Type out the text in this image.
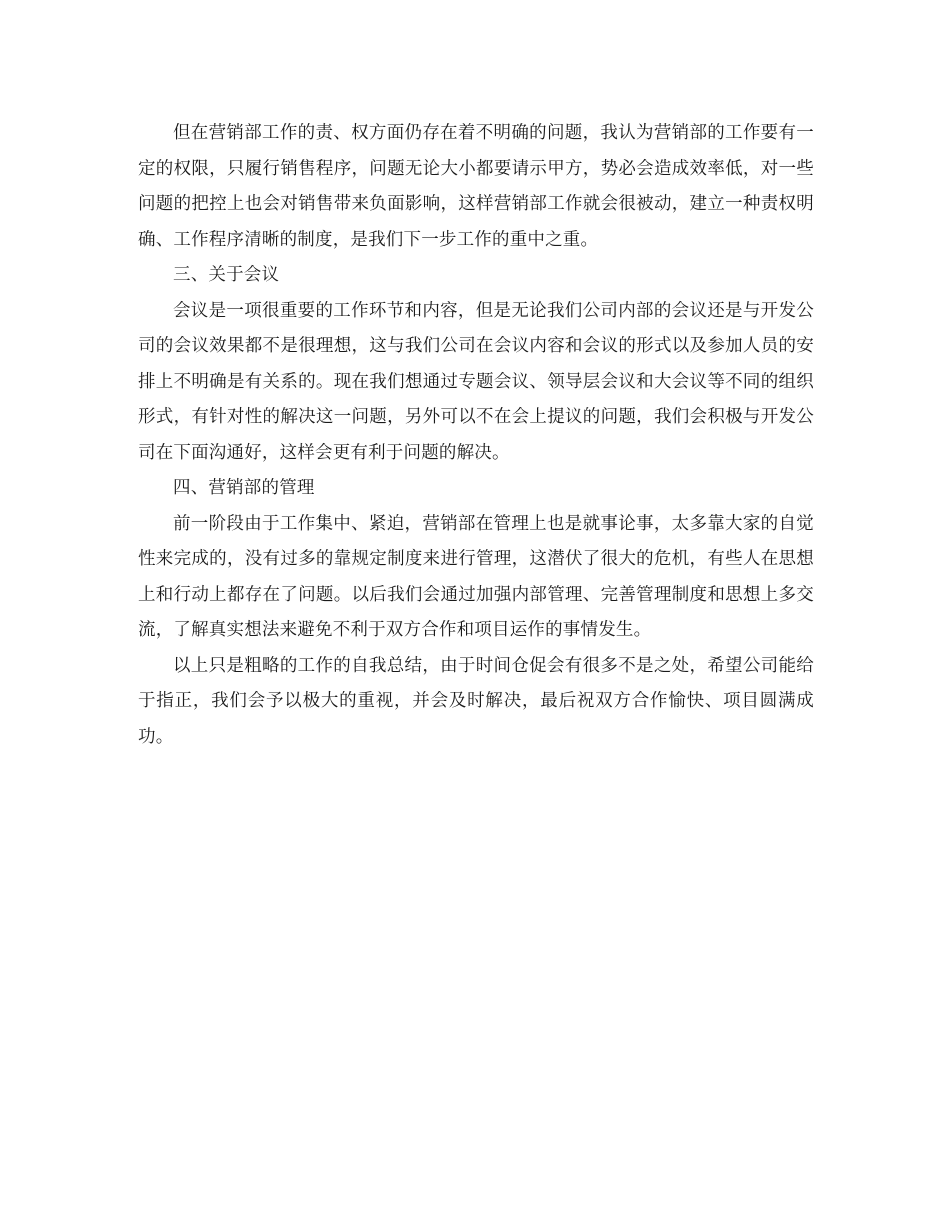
但在营销部工作的责、权方面仍存在着不明确的问题，我认为营销部的工作要有一定的权限，只履行销售程序，问题无论大小都要请示甲方，势必会造成效率低，对一些问题的把控上也会对销售带来负面影响，这样营销部工作就会很被动，建立一种责权明确、工作程序清晰的制度，是我们下一步工作的重中之重。

三、关于会议

会议是一项很重要的工作环节和内容，但是无论我们公司内部的会议还是与开发公司的会议效果都不是很理想，这与我们公司在会议内容和会议的形式以及参加人员的安排上不明确是有关系的。现在我们想通过专题会议、领导层会议和大会议等不同的组织形式，有针对性的解决这一问题，另外可以不在会上提议的问题，我们会积极与开发公司在下面沟通好，这样会更有利于问题的解决。

四、营销部的管理

前一阶段由于工作集中、紧迫，营销部在管理上也是就事论事，太多靠大家的自觉性来完成的，没有过多的靠规定制度来进行管理，这潜伏了很大的危机，有些人在思想上和行动上都存在了问题。以后我们会通过加强内部管理、完善管理制度和思想上多交流，了解真实想法来避免不利于双方合作和项目运作的事情发生。

以上只是粗略的工作的自我总结，由于时间仓促会有很多不是之处，希望公司能给于指正，我们会予以极大的重视，并会及时解决，最后祝双方合作愉快、项目圆满成功。
